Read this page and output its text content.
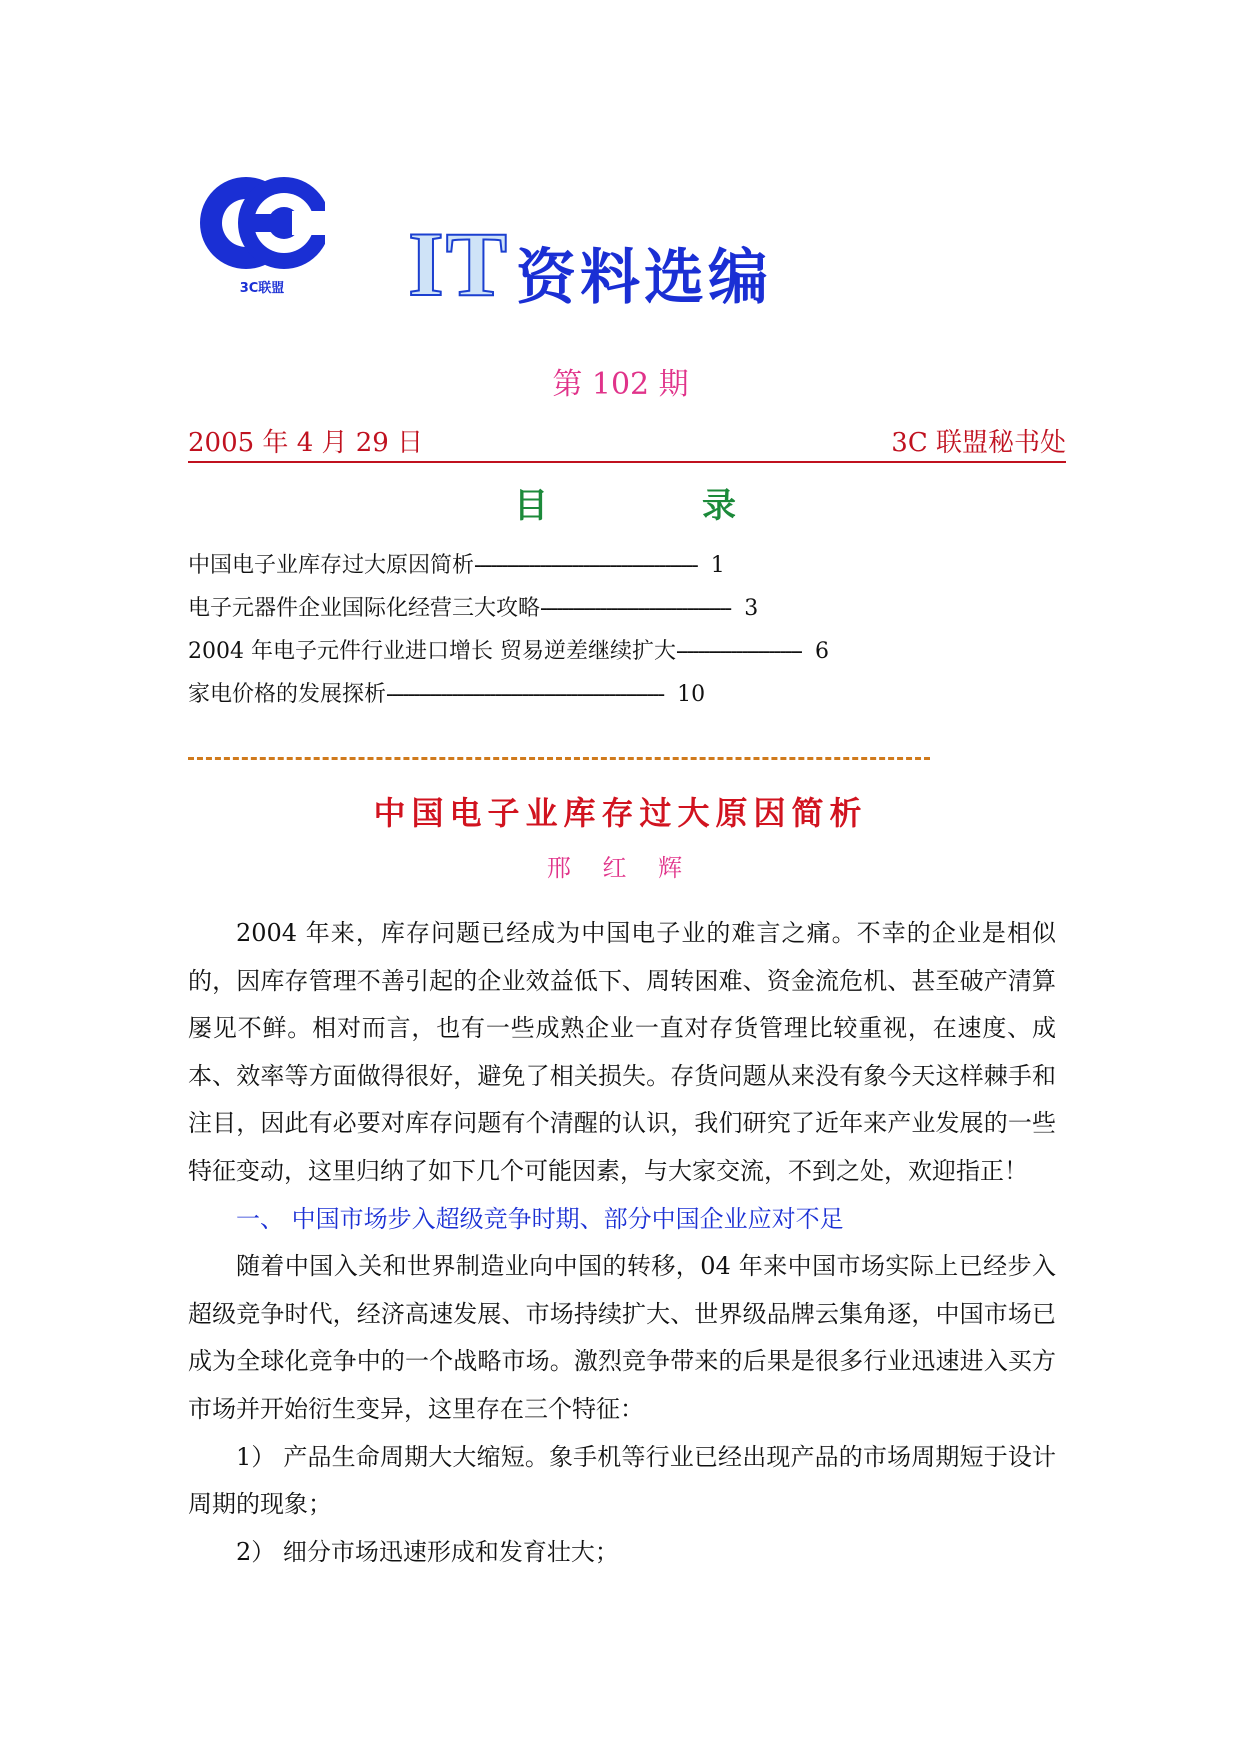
3C联盟 IT 资料选编
第 102 期
2005 年 4 月 29 日	3C 联盟秘书处
目	录
中国电子业库存过大原因简析----------------------------------------- 1
电子元器件企业国际化经营三大攻略----------------------------------- 3
2004 年电子元件行业进口增长 贸易逆差继续扩大----------------------- 6
家电价格的发展探析--------------------------------------------------- 10
中国电子业库存过大原因简析
邢 红 辉

2004 年来，库存问题已经成为中国电子业的难言之痛。不幸的企业是相似的，因库存管理不善引起的企业效益低下、周转困难、资金流危机、甚至破产清算屡见不鲜。相对而言，也有一些成熟企业一直对存货管理比较重视，在速度、成本、效率等方面做得很好，避免了相关损失。存货问题从来没有象今天这样棘手和注目，因此有必要对库存问题有个清醒的认识，我们研究了近年来产业发展的一些特征变动，这里归纳了如下几个可能因素，与大家交流，不到之处，欢迎指正！

一、 中国市场步入超级竞争时期、部分中国企业应对不足

随着中国入关和世界制造业向中国的转移，04 年来中国市场实际上已经步入超级竞争时代，经济高速发展、市场持续扩大、世界级品牌云集角逐，中国市场已成为全球化竞争中的一个战略市场。激烈竞争带来的后果是很多行业迅速进入买方市场并开始衍生变异，这里存在三个特征：

1） 产品生命周期大大缩短。象手机等行业已经出现产品的市场周期短于设计周期的现象；

2） 细分市场迅速形成和发育壮大；
